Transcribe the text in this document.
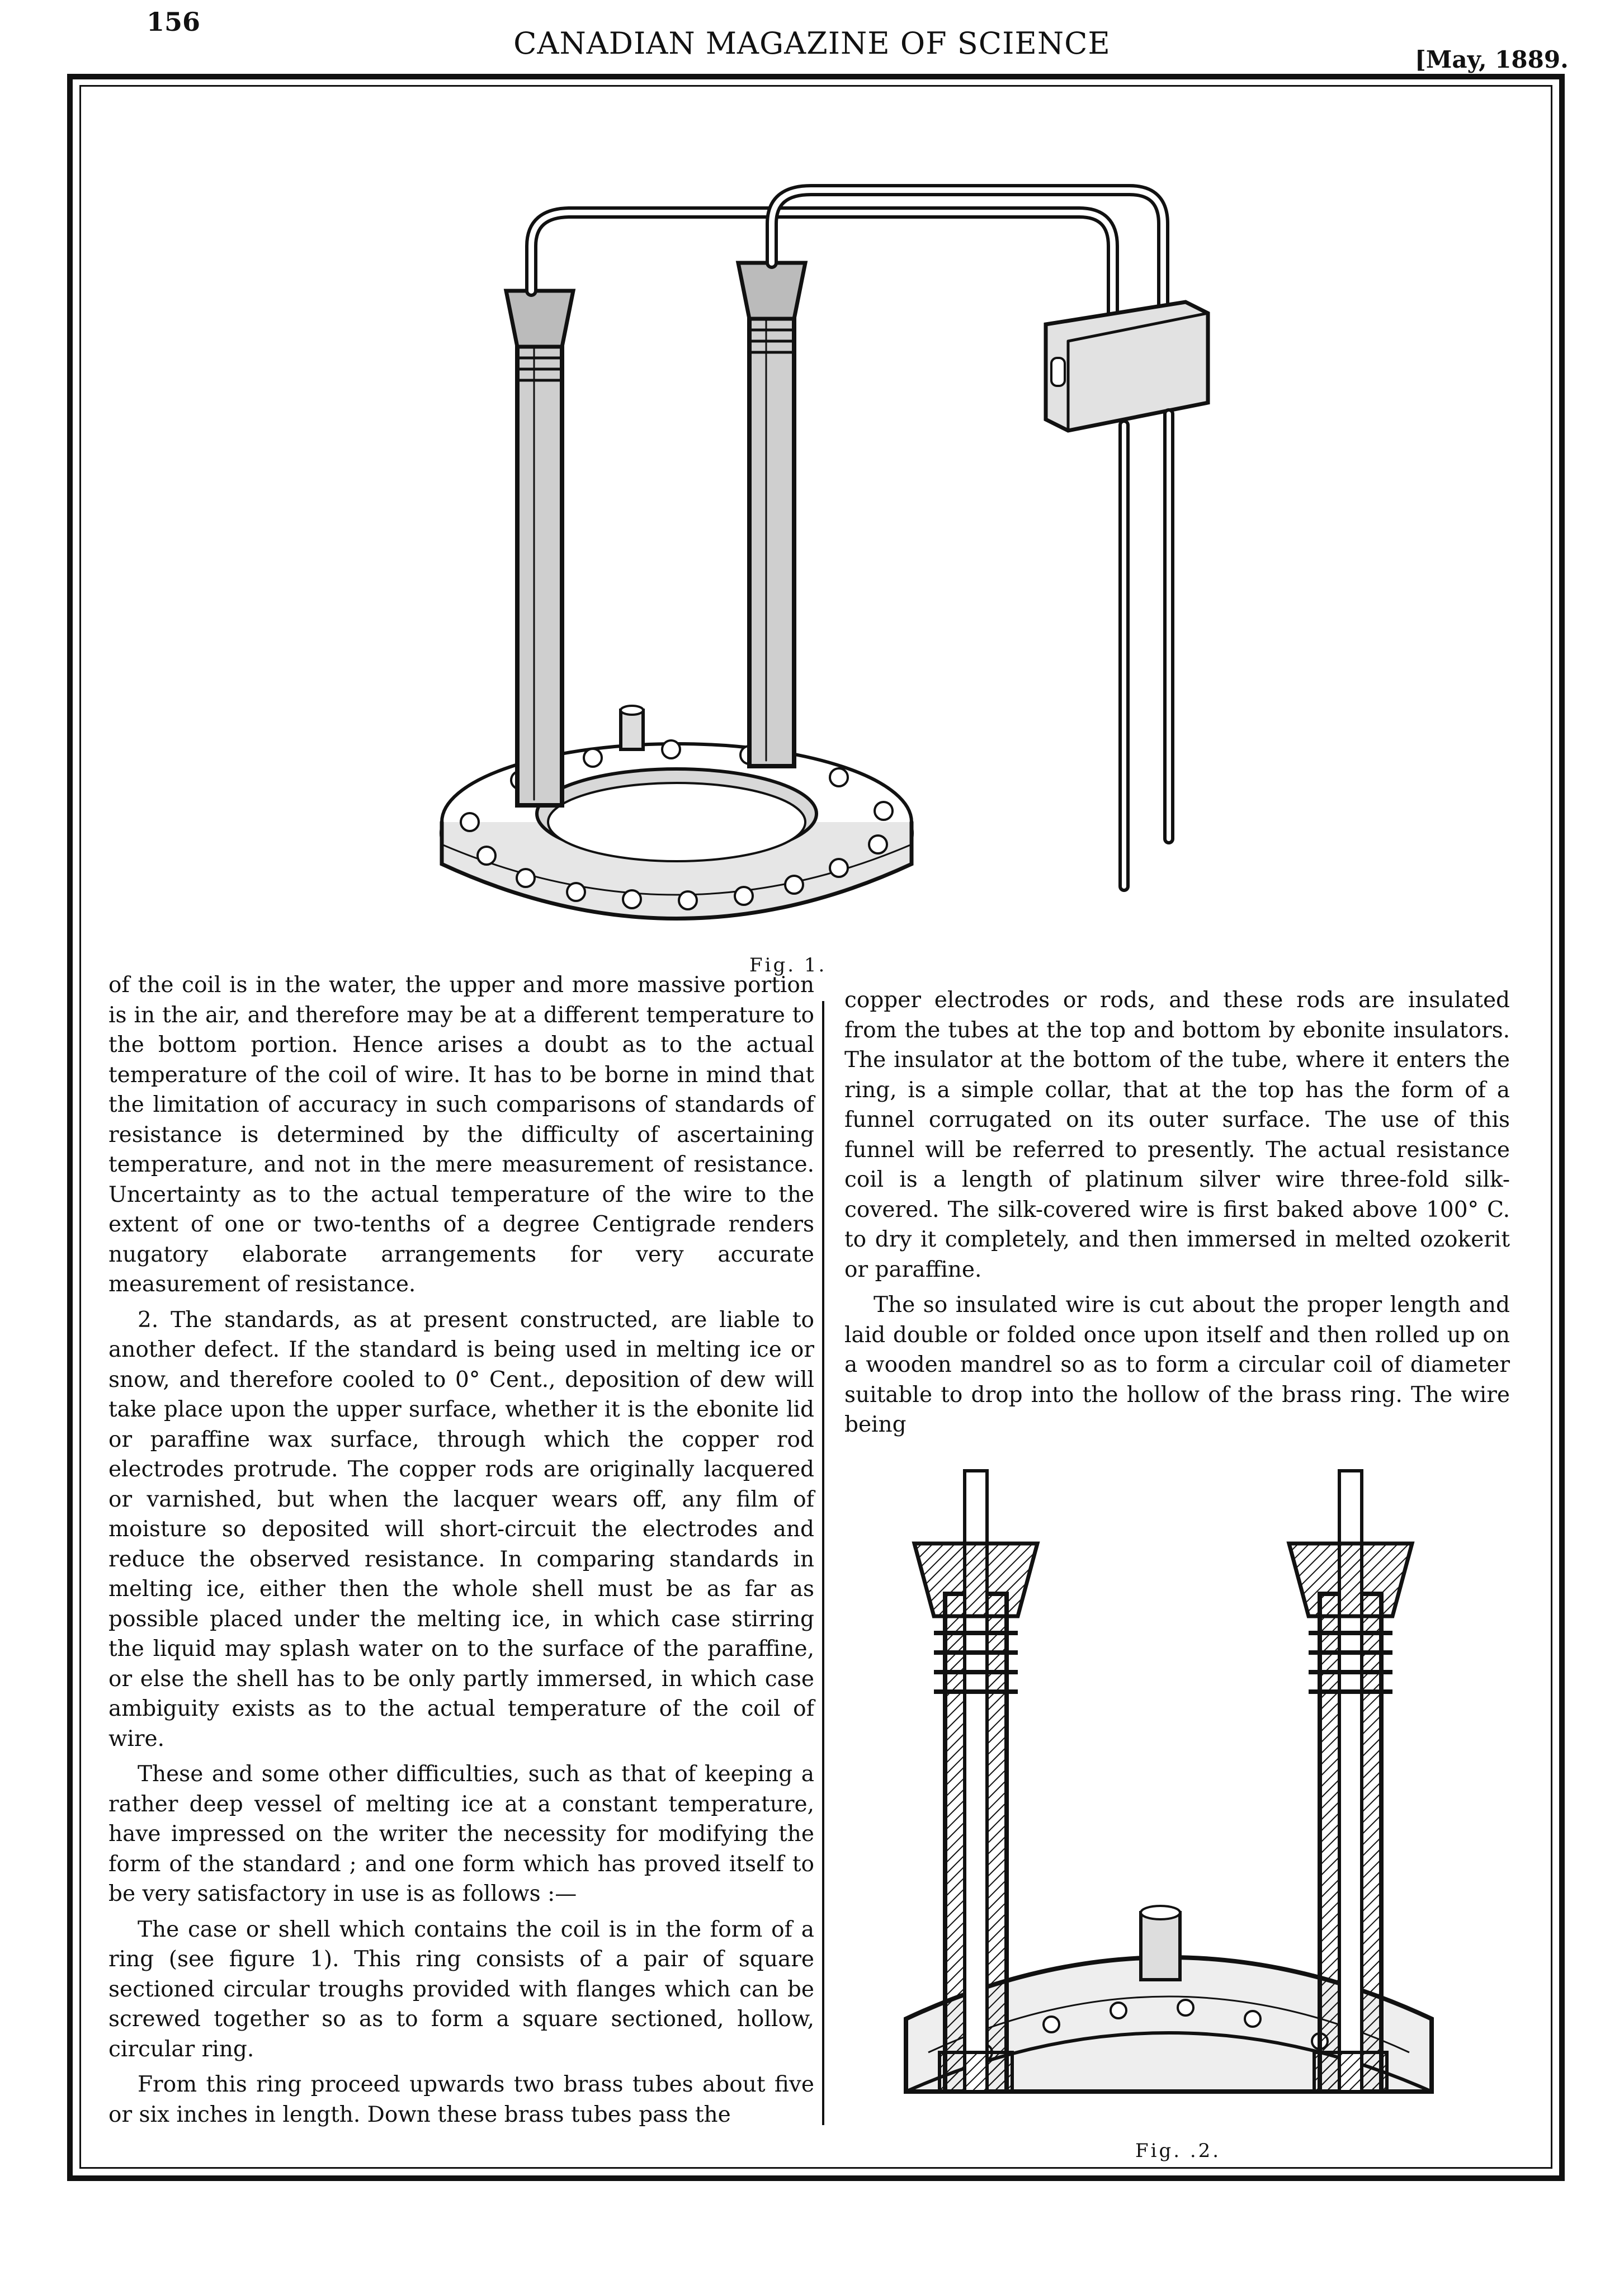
156
CANADIAN MAGAZINE OF SCIENCE	[May, 1889.
Fig. 1.

of the coil is in the water, the upper and more massive portion is in the air, and therefore may be at a different temperature to the bottom portion. Hence arises a doubt as to the actual temperature of the coil of wire. It has to be borne in mind that the limitation of accuracy in such comparisons of standards of resistance is determined by the difficulty of ascertaining temperature, and not in the mere measurement of resistance. Uncertainty as to the actual temperature of the wire to the extent of one or two-tenths of a degree Centigrade renders nugatory elaborate arrangements for very accurate measurement of resistance.

2. The standards, as at present constructed, are liable to another defect. If the standard is being used in melting ice or snow, and therefore cooled to 0° Cent., deposition of dew will take place upon the upper surface, whether it is the ebonite lid or paraffine wax surface, through which the copper rod electrodes protrude. The copper rods are originally lacquered or varnished, but when the lacquer wears off, any film of moisture so deposited will short-circuit the electrodes and reduce the observed resistance. In comparing standards in melting ice, either then the whole shell must be as far as possible placed under the melting ice, in which case stirring the liquid may splash water on to the surface of the paraffine, or else the shell has to be only partly immersed, in which case ambiguity exists as to the actual temperature of the coil of wire.

These and some other difficulties, such as that of keeping a rather deep vessel of melting ice at a constant temperature, have impressed on the writer the necessity for modifying the form of the standard ; and one form which has proved itself to be very satisfactory in use is as follows :—

The case or shell which contains the coil is in the form of a ring (see figure 1). This ring consists of a pair of square sectioned circular troughs provided with flanges which can be screwed together so as to form a square sectioned, hollow, circular ring.

From this ring proceed upwards two brass tubes about five or six inches in length. Down these brass tubes pass the

copper electrodes or rods, and these rods are insulated from the tubes at the top and bottom by ebonite insulators. The insulator at the bottom of the tube, where it enters the ring, is a simple collar, that at the top has the form of a funnel corrugated on its outer surface. The use of this funnel will be referred to presently. The actual resistance coil is a length of platinum silver wire three-fold silk-covered. The silk-covered wire is first baked above 100° C. to dry it completely, and then immersed in melted ozokerit or paraffine.

The so insulated wire is cut about the proper length and laid double or folded once upon itself and then rolled up on a wooden mandrel so as to form a circular coil of diameter suitable to drop into the hollow of the brass ring. The wire being

Fig. .2.
